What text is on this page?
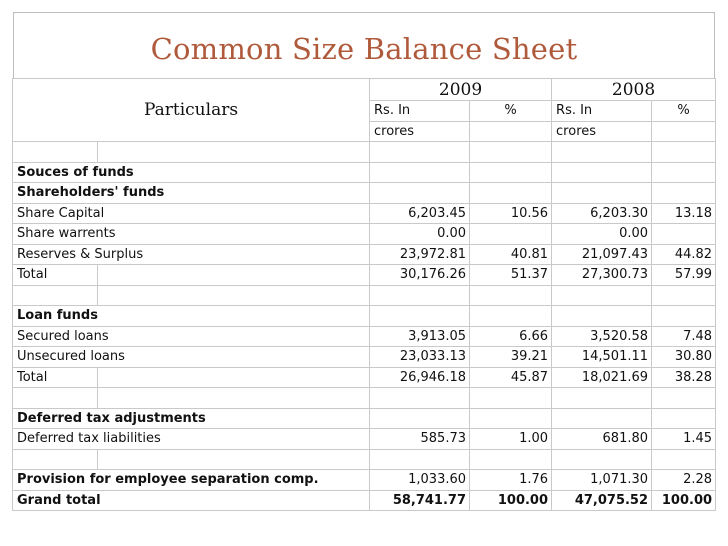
Common Size Balance Sheet
Particulars		2009		2008	
		Rs. In	%	Rs. In	%
		crores		crores	

Souces of funds					
Shareholders' funds					
Share Capital		6,203.45	10.56	6,203.30	13.18
Share warrents		0.00		0.00	
Reserves & Surplus		23,972.81	40.81	21,097.43	44.82
Total		30,176.26	51.37	27,300.73	57.99

Loan funds					
Secured loans		3,913.05	6.66	3,520.58	7.48
Unsecured loans		23,033.13	39.21	14,501.11	30.80
Total		26,946.18	45.87	18,021.69	38.28

Deferred tax adjustments					
Deferred tax liabilities		585.73	1.00	681.80	1.45

Provision for employee separation comp.		1,033.60	1.76	1,071.30	2.28
Grand total		58,741.77	100.00	47,075.52	100.00
